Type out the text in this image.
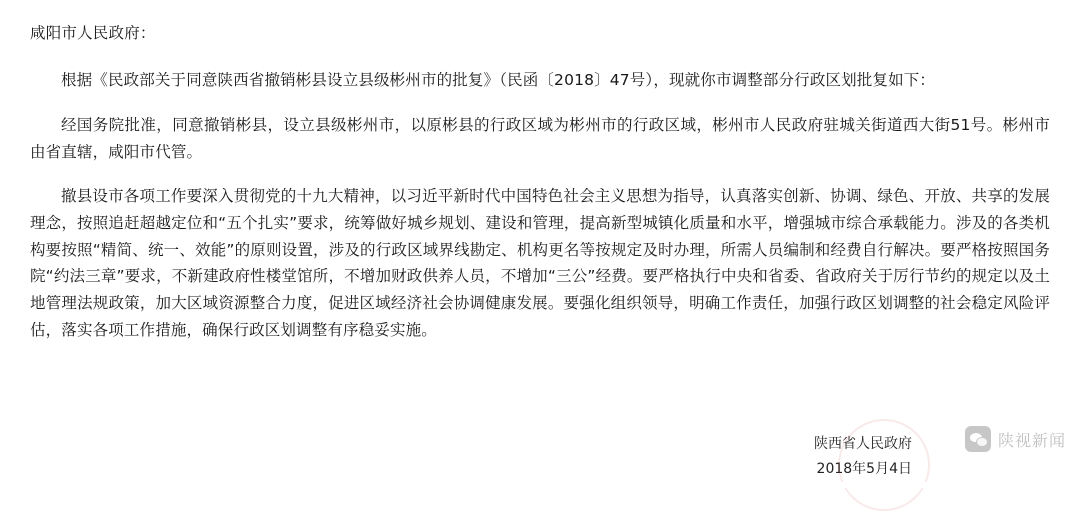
咸阳市人民政府：

根据《民政部关于同意陕西省撤销彬县设立县级彬州市的批复》（民函〔2018〕47号），现就你市调整部分行政区划批复如下：

经国务院批准，同意撤销彬县，设立县级彬州市，以原彬县的行政区域为彬州市的行政区域，彬州市人民政府驻城关街道西大街51号。彬州市由省直辖，咸阳市代管。

撤县设市各项工作要深入贯彻党的十九大精神，以习近平新时代中国特色社会主义思想为指导，认真落实创新、协调、绿色、开放、共享的发展理念，按照追赶超越定位和“五个扎实”要求，统筹做好城乡规划、建设和管理，提高新型城镇化质量和水平，增强城市综合承载能力。涉及的各类机构要按照“精简、统一、效能”的原则设置，涉及的行政区域界线勘定、机构更名等按规定及时办理，所需人员编制和经费自行解决。要严格按照国务院“约法三章”要求，不新建政府性楼堂馆所，不增加财政供养人员，不增加“三公”经费。要严格执行中央和省委、省政府关于厉行节约的规定以及土地管理法规政策，加大区域资源整合力度，促进区域经济社会协调健康发展。要强化组织领导，明确工作责任，加强行政区划调整的社会稳定风险评估，落实各项工作措施，确保行政区划调整有序稳妥实施。

陕西省人民政府
2018年5月4日
陕视新闻
